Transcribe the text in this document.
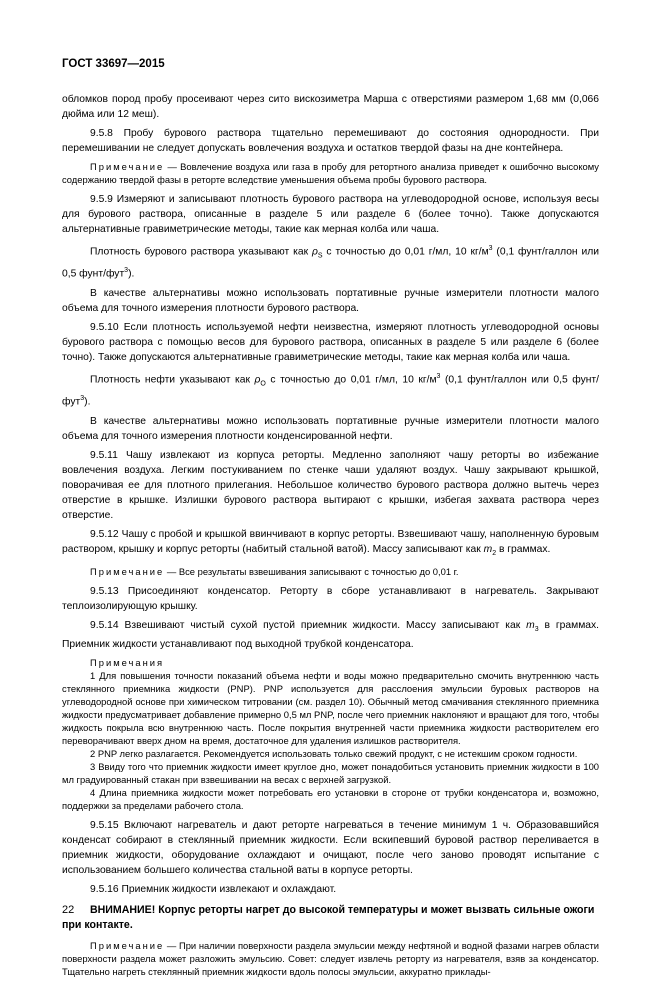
ГОСТ 33697—2015

обломков пород пробу просеивают через сито вискозиметра Марша с отверстиями размером 1,68 мм (0,066 дюйма или 12 меш).

9.5.8 Пробу бурового раствора тщательно перемешивают до состояния однородности. При перемешивании не следует допускать вовлечения воздуха и остатков твердой фазы на дне контейнера.

Примечание — Вовлечение воздуха или газа в пробу для ретортного анализа приведет к ошибочно высокому содержанию твердой фазы в реторте вследствие уменьшения объема пробы бурового раствора.

9.5.9 Измеряют и записывают плотность бурового раствора на углеводородной основе, используя весы для бурового раствора, описанные в разделе 5 или разделе 6 (более точно). Также допускаются альтернативные гравиметрические методы, такие как мерная колба или чаша.

Плотность бурового раствора указывают как $\rho_S$ с точностью до 0,01 г/мл, 10 $кг/м^3$ (0,1 фунт/галлон или 0,5 фунт/фут$^3$).

В качестве альтернативы можно использовать портативные ручные измерители плотности малого объема для точного измерения плотности бурового раствора.

9.5.10 Если плотность используемой нефти неизвестна, измеряют плотность углеводородной основы бурового раствора с помощью весов для бурового раствора, описанных в разделе 5 или разделе 6 (более точно). Также допускаются альтернативные гравиметрические методы, такие как мерная колба или чаша.

Плотность нефти указывают как $\rho_O$ с точностью до 0,01 г/мл, 10 $кг/м^3$ (0,1 фунт/галлон или 0,5 фунт/фут$^3$).

В качестве альтернативы можно использовать портативные ручные измерители плотности малого объема для точного измерения плотности конденсированной нефти.

9.5.11 Чашу извлекают из корпуса реторты. Медленно заполняют чашу реторты во избежание вовлечения воздуха. Легким постукиванием по стенке чаши удаляют воздух. Чашу закрывают крышкой, поворачивая ее для плотного прилегания. Небольшое количество бурового раствора должно вытечь через отверстие в крышке. Излишки бурового раствора вытирают с крышки, избегая захвата раствора через отверстие.

9.5.12 Чашу с пробой и крышкой ввинчивают в корпус реторты. Взвешивают чашу, наполненную буровым раствором, крышку и корпус реторты (набитый стальной ватой). Массу записывают как $m_2$ в граммах.

Примечание — Все результаты взвешивания записывают с точностью до 0,01 г.

9.5.13 Присоединяют конденсатор. Реторту в сборе устанавливают в нагреватель. Закрывают теплоизолирующую крышку.

9.5.14 Взвешивают чистый сухой пустой приемник жидкости. Массу записывают как $m_3$ в граммах. Приемник жидкости устанавливают под выходной трубкой конденсатора.

Примечания

1 Для повышения точности показаний объема нефти и воды можно предварительно смочить внутреннюю часть стеклянного приемника жидкости (PNP). PNP используется для расслоения эмульсии буровых растворов на углеводородной основе при химическом титровании (см. раздел 10). Обычный метод смачивания стеклянного приемника жидкости предусматривает добавление примерно 0,5 мл PNP, после чего приемник наклоняют и вращают для того, чтобы жидкость покрыла всю внутреннюю часть. После покрытия внутренней части приемника жидкости растворителем его переворачивают вверх дном на время, достаточное для удаления излишков растворителя.

2 PNP легко разлагается. Рекомендуется использовать только свежий продукт, с не истекшим сроком годности.

3 Ввиду того что приемник жидкости имеет круглое дно, может понадобиться установить приемник жидкости в 100 мл градуированный стакан при взвешивании на весах с верхней загрузкой.

4 Длина приемника жидкости может потребовать его установки в стороне от трубки конденсатора и, возможно, поддержки за пределами рабочего стола.

9.5.15 Включают нагреватель и дают реторте нагреваться в течение минимум 1 ч. Образовавшийся конденсат собирают в стеклянный приемник жидкости. Если вскипевший буровой раствор переливается в приемник жидкости, оборудование охлаждают и очищают, после чего заново проводят испытание с использованием большего количества стальной ваты в корпусе реторты.

9.5.16 Приемник жидкости извлекают и охлаждают.

ВНИМАНИЕ! Корпус реторты нагрет до высокой температуры и может вызвать сильные ожоги при контакте.

Примечание — При наличии поверхности раздела эмульсии между нефтяной и водной фазами нагрев области поверхности раздела может разложить эмульсию. Совет: следует извлечь реторту из нагревателя, взяв за конденсатор. Тщательно нагреть стеклянный приемник жидкости вдоль полосы эмульсии, аккуратно приклады-

22
